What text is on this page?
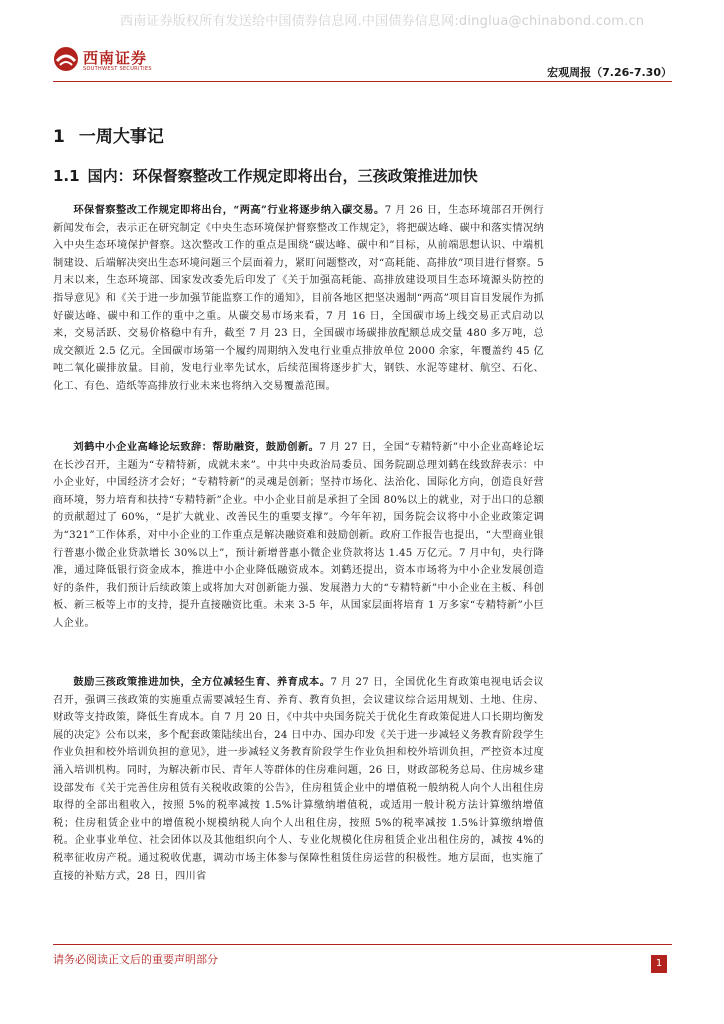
西南证券版权所有发送给中国债券信息网.中国债券信息网:dinglua@chinabond.com.cn
西南证券
SOUTHWEST SECURITIES	宏观周报（7.26-7.30）
1 一周大事记
1.1 国内：环保督察整改工作规定即将出台，三孩政策推进加快

环保督察整改工作规定即将出台，“两高”行业将逐步纳入碳交易。7 月 26 日，生态环境部召开例行新闻发布会，表示正在研究制定《中央生态环境保护督察整改工作规定》，将把碳达峰、碳中和落实情况纳入中央生态环境保护督察。这次整改工作的重点是围绕“碳达峰、碳中和”目标，从前端思想认识、中端机制建设、后端解决突出生态环境问题三个层面着力，紧盯问题整改，对“高耗能、高排放”项目进行督察。5 月末以来，生态环境部、国家发改委先后印发了《关于加强高耗能、高排放建设项目生态环境源头防控的指导意见》和《关于进一步加强节能监察工作的通知》，目前各地区把坚决遏制“两高”项目盲目发展作为抓好碳达峰、碳中和工作的重中之重。从碳交易市场来看，7 月 16 日，全国碳市场上线交易正式启动以来，交易活跃、交易价格稳中有升，截至 7 月 23 日，全国碳市场碳排放配额总成交量 480 多万吨，总成交额近 2.5 亿元。全国碳市场第一个履约周期纳入发电行业重点排放单位 2000 余家，年覆盖约 45 亿吨二氧化碳排放量。目前，发电行业率先试水，后续范围将逐步扩大，钢铁、水泥等建材、航空、石化、化工、有色、造纸等高排放行业未来也将纳入交易覆盖范围。

刘鹤中小企业高峰论坛致辞：帮助融资，鼓励创新。7 月 27 日，全国“专精特新”中小企业高峰论坛在长沙召开，主题为“专精特新，成就未来”。中共中央政治局委员、国务院副总理刘鹤在线致辞表示：中小企业好，中国经济才会好；“专精特新”的灵魂是创新；坚持市场化、法治化、国际化方向，创造良好营商环境，努力培育和扶持“专精特新”企业。中小企业目前是承担了全国 80%以上的就业，对于出口的总额的贡献超过了 60%，“是扩大就业、改善民生的重要支撑”。今年年初，国务院会议将中小企业政策定调为“321”工作体系，对中小企业的工作重点是解决融资难和鼓励创新。政府工作报告也提出，“大型商业银行普惠小微企业贷款增长 30%以上”，预计新增普惠小微企业贷款将达 1.45 万亿元。7 月中旬，央行降准，通过降低银行资金成本，推进中小企业降低融资成本。刘鹤还提出，资本市场将为中小企业发展创造好的条件，我们预计后续政策上或将加大对创新能力强、发展潜力大的“专精特新”中小企业在主板、科创板、新三板等上市的支持，提升直接融资比重。未来 3-5 年，从国家层面将培育 1 万多家“专精特新”小巨人企业。

鼓励三孩政策推进加快，全方位减轻生育、养育成本。7 月 27 日，全国优化生育政策电视电话会议召开，强调三孩政策的实施重点需要减轻生育、养育、教育负担，会议建议综合运用规划、土地、住房、财政等支持政策，降低生育成本。自 7 月 20 日，《中共中央国务院关于优化生育政策促进人口长期均衡发展的决定》公布以来，多个配套政策陆续出台，24 日中办、国办印发《关于进一步减轻义务教育阶段学生作业负担和校外培训负担的意见》，进一步减轻义务教育阶段学生作业负担和校外培训负担，严控资本过度涌入培训机构。同时，为解决新市民、青年人等群体的住房难问题，26 日，财政部税务总局、住房城乡建设部发布《关于完善住房租赁有关税收政策的公告》，住房租赁企业中的增值税一般纳税人向个人出租住房取得的全部出租收入，按照 5%的税率减按 1.5%计算缴纳增值税，或适用一般计税方法计算缴纳增值税；住房租赁企业中的增值税小规模纳税人向个人出租住房，按照 5%的税率减按 1.5%计算缴纳增值税。企业事业单位、社会团体以及其他组织向个人、专业化规模化住房租赁企业出租住房的，减按 4%的税率征收房产税。通过税收优惠，调动市场主体参与保障性租赁住房运营的积极性。地方层面，也实施了直接的补贴方式，28 日，四川省

请务必阅读正文后的重要声明部分	1
